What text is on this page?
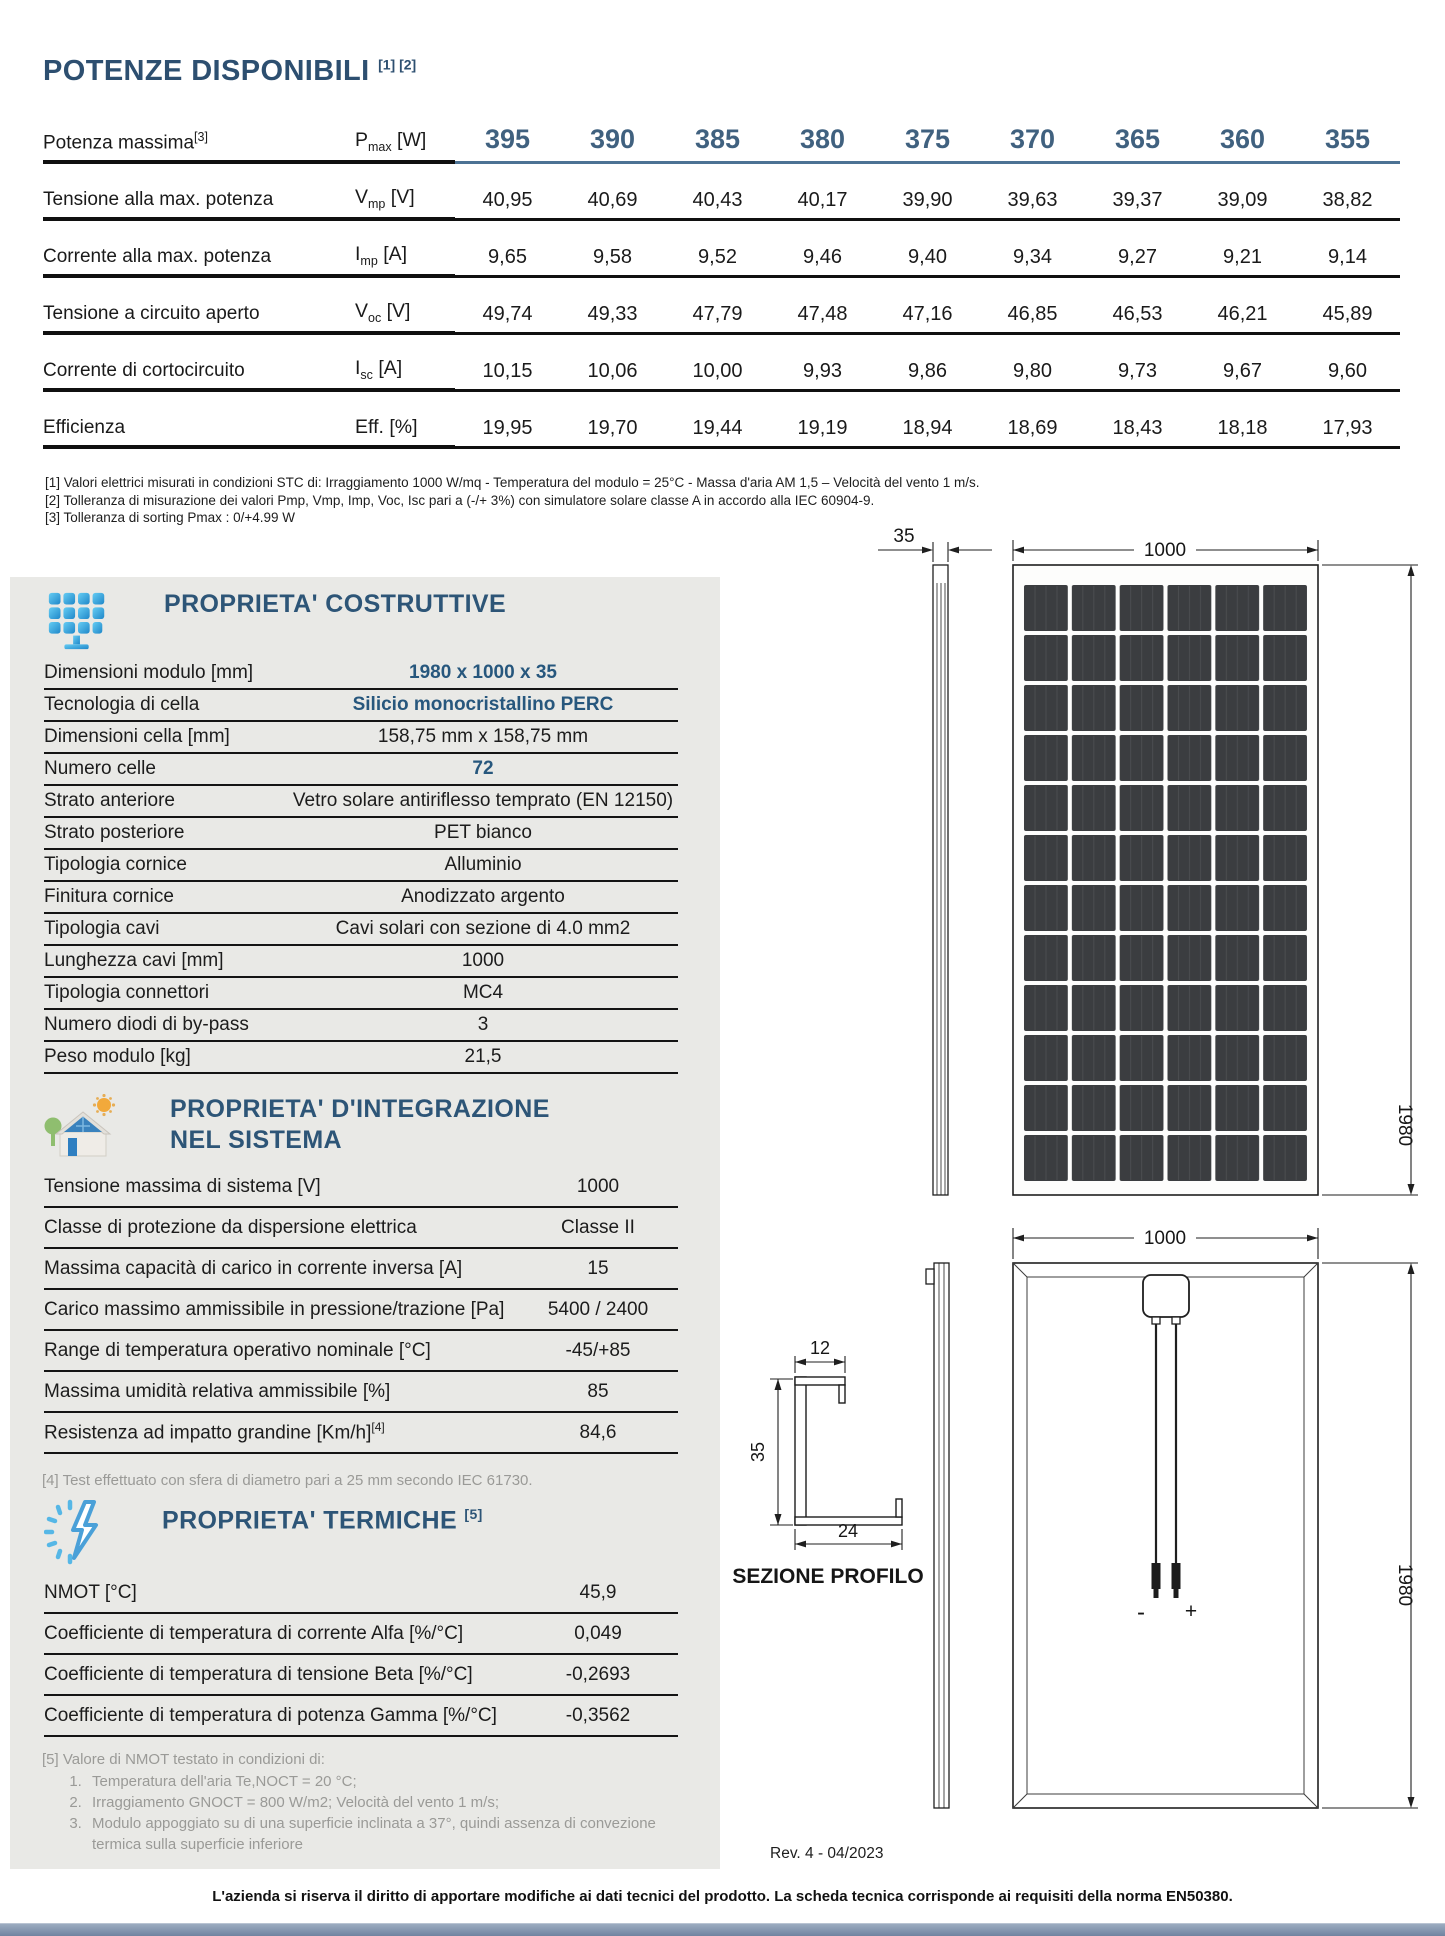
POTENZE DISPONIBILI [1] [2]
Potenza massima[3]	$P_{max}$ [W]	395	390	385	380	375	370	365	360	355
Tensione alla max. potenza	$V_{mp}$ [V]	40,95	40,69	40,43	40,17	39,90	39,63	39,37	39,09	38,82
Corrente alla max. potenza	$I_{mp}$ [A]	9,65	9,58	9,52	9,46	9,40	9,34	9,27	9,21	9,14
Tensione a circuito aperto	$V_{oc}$ [V]	49,74	49,33	47,79	47,48	47,16	46,85	46,53	46,21	45,89
Corrente di cortocircuito	$I_{sc}$ [A]	10,15	10,06	10,00	9,93	9,86	9,80	9,73	9,67	9,60
Efficienza	Eff. [%]	19,95	19,70	19,44	19,19	18,94	18,69	18,43	18,18	17,93
[1] Valori elettrici misurati in condizioni STC di: Irraggiamento 1000 W/mq - Temperatura del modulo = 25°C - Massa d'aria AM 1,5 – Velocità del vento 1 m/s.
[2] Tolleranza di misurazione dei valori Pmp, Vmp, Imp, Voc, Isc pari a (-/+ 3%) con simulatore solare classe A in accordo alla IEC 60904-9.
[3] Tolleranza di sorting Pmax : 0/+4.99 W
PROPRIETA' COSTRUTTIVE
Dimensioni modulo [mm]	1980 x 1000 x 35
Tecnologia di cella	Silicio monocristallino PERC
Dimensioni cella [mm]	158,75 mm x 158,75 mm
Numero celle	72
Strato anteriore	Vetro solare antiriflesso temprato (EN 12150)
Strato posteriore	PET bianco
Tipologia cornice	Alluminio
Finitura cornice	Anodizzato argento
Tipologia cavi	Cavi solari con sezione di 4.0 mm2
Lunghezza cavi [mm]	1000
Tipologia connettori	MC4
Numero diodi di by-pass	3
Peso modulo [kg]	21,5
PROPRIETA' D'INTEGRAZIONE
NEL SISTEMA
Tensione massima di sistema [V]	1000
Classe di protezione da dispersione elettrica	Classe II
Massima capacità di carico in corrente inversa [A]	15
Carico massimo ammissibile in pressione/trazione [Pa]	5400 / 2400
Range di temperatura operativo nominale [°C]	-45/+85
Massima umidità relativa ammissibile [%]	85
Resistenza ad impatto grandine [Km/h][4]	84,6
[4] Test effettuato con sfera di diametro pari a 25 mm secondo IEC 61730.
PROPRIETA' TERMICHE [5]
NMOT [°C]	45,9
Coefficiente di temperatura di corrente Alfa [%/°C]	0,049
Coefficiente di temperatura di tensione Beta [%/°C]	-0,2693
Coefficiente di temperatura di potenza Gamma [%/°C]	-0,3562
[5] Valore di NMOT testato in condizioni di:
1. Temperatura dell'aria Te,NOCT = 20 °C;
2. Irraggiamento GNOCT = 800 W/m2; Velocità del vento 1 m/s;
3. Modulo appoggiato su di una superficie inclinata a 37°, quindi assenza di convezione termica sulla superficie inferiore
35
1000
1980
1000
- +
1980
12
35
24
SEZIONE PROFILO
Rev. 4 - 04/2023
L'azienda si riserva il diritto di apportare modifiche ai dati tecnici del prodotto. La scheda tecnica corrisponde ai requisiti della norma EN50380.
